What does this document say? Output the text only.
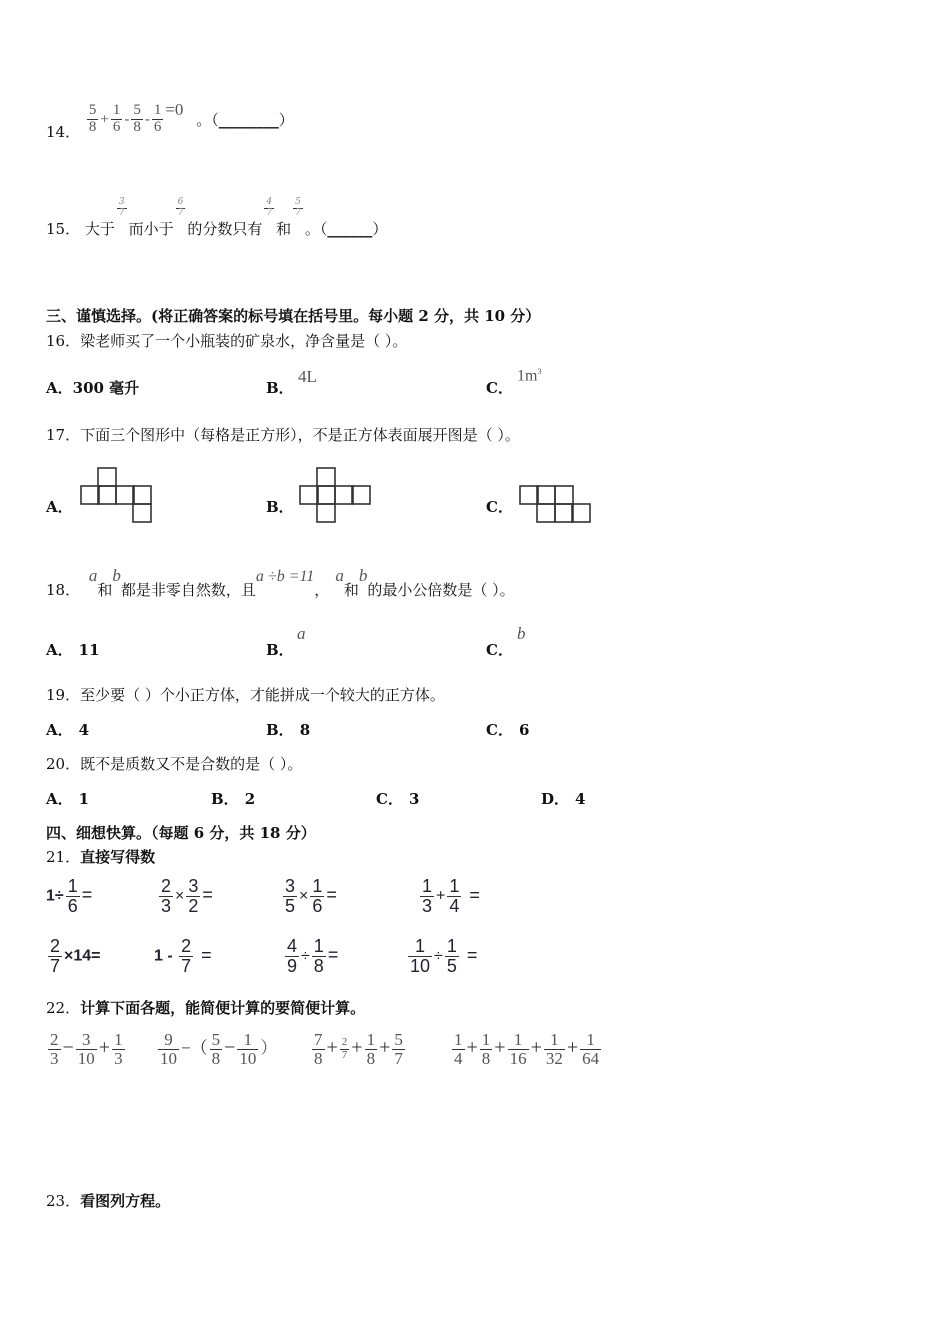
14． $\frac{5}{8} + \frac{1}{6} - \frac{5}{8} - \frac{1}{6} =0$ 。（________）
15． 大于
$\frac{3}{7}$
而小于
$\frac{6}{7}$
的分数只有
$\frac{4}{7}$
和
$\frac{5}{7}$
。（______）
三、谨慎选择。(将正确答案的标号填在括号里。每小题 2 分，共 10 分）
16．梁老师买了一个小瓶装的矿泉水，净含量是（ ）。
A．300 毫升	B．
4L
C．
$1m^3$
17．下面三个图形中（每格是正方形），不是正方体表面展开图是（ ）。
A．	B．	C．
18． a和b都是非零自然数，且a ÷b =11，a和b的最小公倍数是（ ）。
A． 11	B．
a
C．
b
19．至少要（ ）个小正方体，才能拼成一个较大的正方体。
A． 4	B． 8	C． 6
20．既不是质数又不是合数的是（ ）。
A． 1	B． 2	C． 3	D． 4
四、细想快算。（每题 6 分，共 18 分）
21．直接写得数
$1\div \frac{1}{6}$ =	$\frac{2}{3} \times \frac{3}{2}$ =	$\frac{3}{5} \times \frac{1}{6}$ =	$\frac{1}{3} + \frac{1}{4}$ =
$\frac{2}{7} \times 14=$	$1 - \frac{2}{7}$ =	$\frac{4}{9} \div \frac{1}{8}$ =	$\frac{1}{10} \div \frac{1}{5}$ =
22．计算下面各题，能简便计算的要简便计算。
$\frac{2}{3} - \frac{3}{10} + \frac{1}{3} \frac{9}{10}$ −（ $\frac{5}{8} - \frac{1}{10}$ ） $\frac{7}{8} + \frac{2}{7} + \frac{1}{8} + \frac{5}{7}$	$\frac{1}{4} + \frac{1}{8} + \frac{1}{16} + \frac{1}{32} + \frac{1}{64}$
23．看图列方程。
